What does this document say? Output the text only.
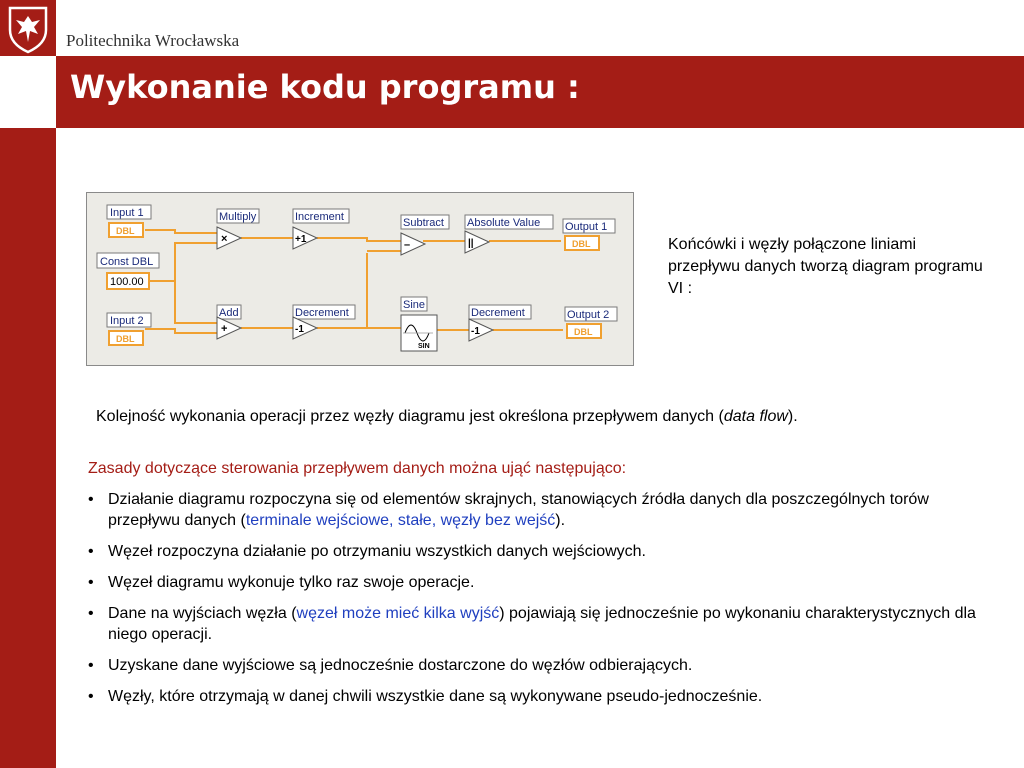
Politechnika Wrocławska
Wykonanie kodu programu :
Input 1
DBL
Const DBL
100.00
Input 2
DBL
Multiply
×
Add
+
Increment
+1
Decrement
-1
Subtract
–
Sine
SIN
Absolute Value
||
Decrement
-1
Output 1
DBL
Output 2
DBL
Końcówki i węzły połączone liniami przepływu danych tworzą diagram programu VI :
Kolejność wykonania operacji przez węzły diagramu jest określona przepływem danych (data flow).
Zasady dotyczące sterowania przepływem danych można ująć następująco:
• Działanie diagramu rozpoczyna się od elementów skrajnych, stanowiących źródła danych dla poszczególnych torów przepływu danych (terminale wejściowe, stałe, węzły bez wejść).
• Węzeł rozpoczyna działanie po otrzymaniu wszystkich danych wejściowych.
• Węzeł diagramu wykonuje tylko raz swoje operacje.
• Dane na wyjściach węzła (węzeł może mieć kilka wyjść) pojawiają się jednocześnie po wykonaniu charakterystycznych dla niego operacji.
• Uzyskane dane wyjściowe są jednocześnie dostarczone do węzłów odbierających.
• Węzły, które otrzymają w danej chwili wszystkie dane są wykonywane pseudo-jednocześnie.
